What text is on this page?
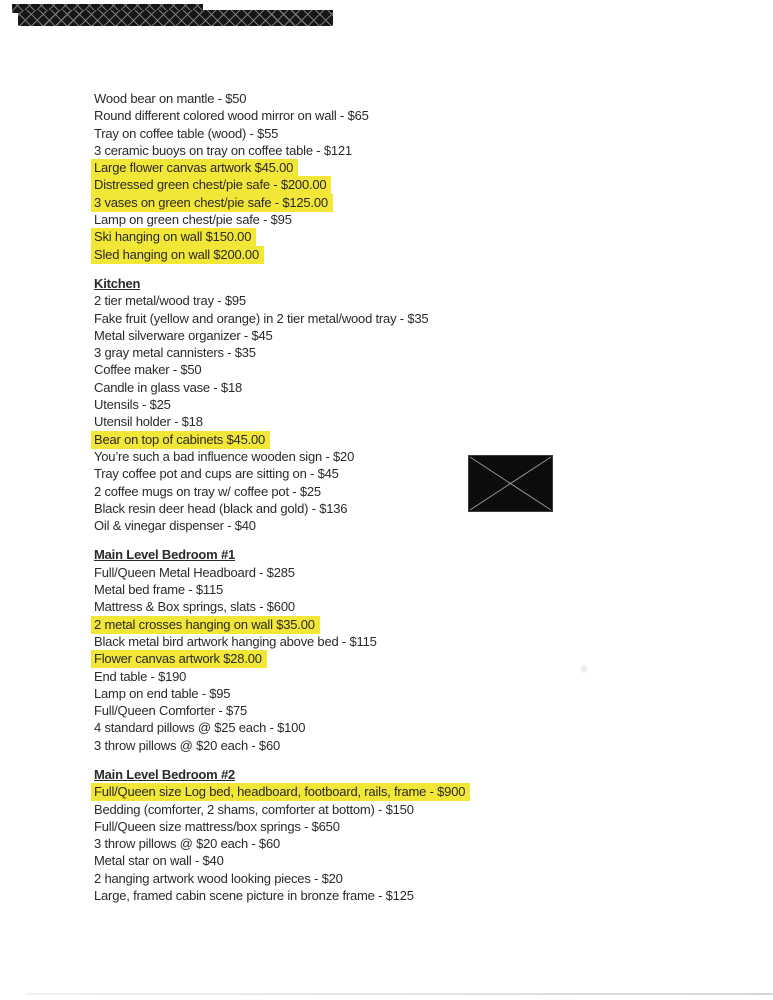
Wood bear on mantle - $50
Round different colored wood mirror on wall - $65
Tray on coffee table (wood) - $55
3 ceramic buoys on tray on coffee table - $121
Large flower canvas artwork $45.00
Distressed green chest/pie safe - $200.00
3 vases on green chest/pie safe - $125.00
Lamp on green chest/pie safe - $95
Ski hanging on wall $150.00
Sled hanging on wall $200.00
Kitchen
2 tier metal/wood tray - $95
Fake fruit (yellow and orange) in 2 tier metal/wood tray - $35
Metal silverware organizer - $45
3 gray metal cannisters - $35
Coffee maker - $50
Candle in glass vase - $18
Utensils - $25
Utensil holder - $18
Bear on top of cabinets $45.00
You’re such a bad influence wooden sign - $20
Tray coffee pot and cups are sitting on - $45
2 coffee mugs on tray w/ coffee pot - $25
Black resin deer head (black and gold) - $136
Oil & vinegar dispenser - $40
Main Level Bedroom #1
Full/Queen Metal Headboard - $285
Metal bed frame - $115
Mattress & Box springs, slats - $600
2 metal crosses hanging on wall $35.00
Black metal bird artwork hanging above bed - $115
Flower canvas artwork $28.00
End table - $190
Lamp on end table - $95
Full/Queen Comforter - $75
4 standard pillows @ $25 each - $100
3 throw pillows @ $20 each - $60
Main Level Bedroom #2
Full/Queen size Log bed, headboard, footboard, rails, frame - $900
Bedding (comforter, 2 shams, comforter at bottom) - $150
Full/Queen size mattress/box springs - $650
3 throw pillows @ $20 each - $60
Metal star on wall - $40
2 hanging artwork wood looking pieces - $20
Large, framed cabin scene picture in bronze frame - $125
